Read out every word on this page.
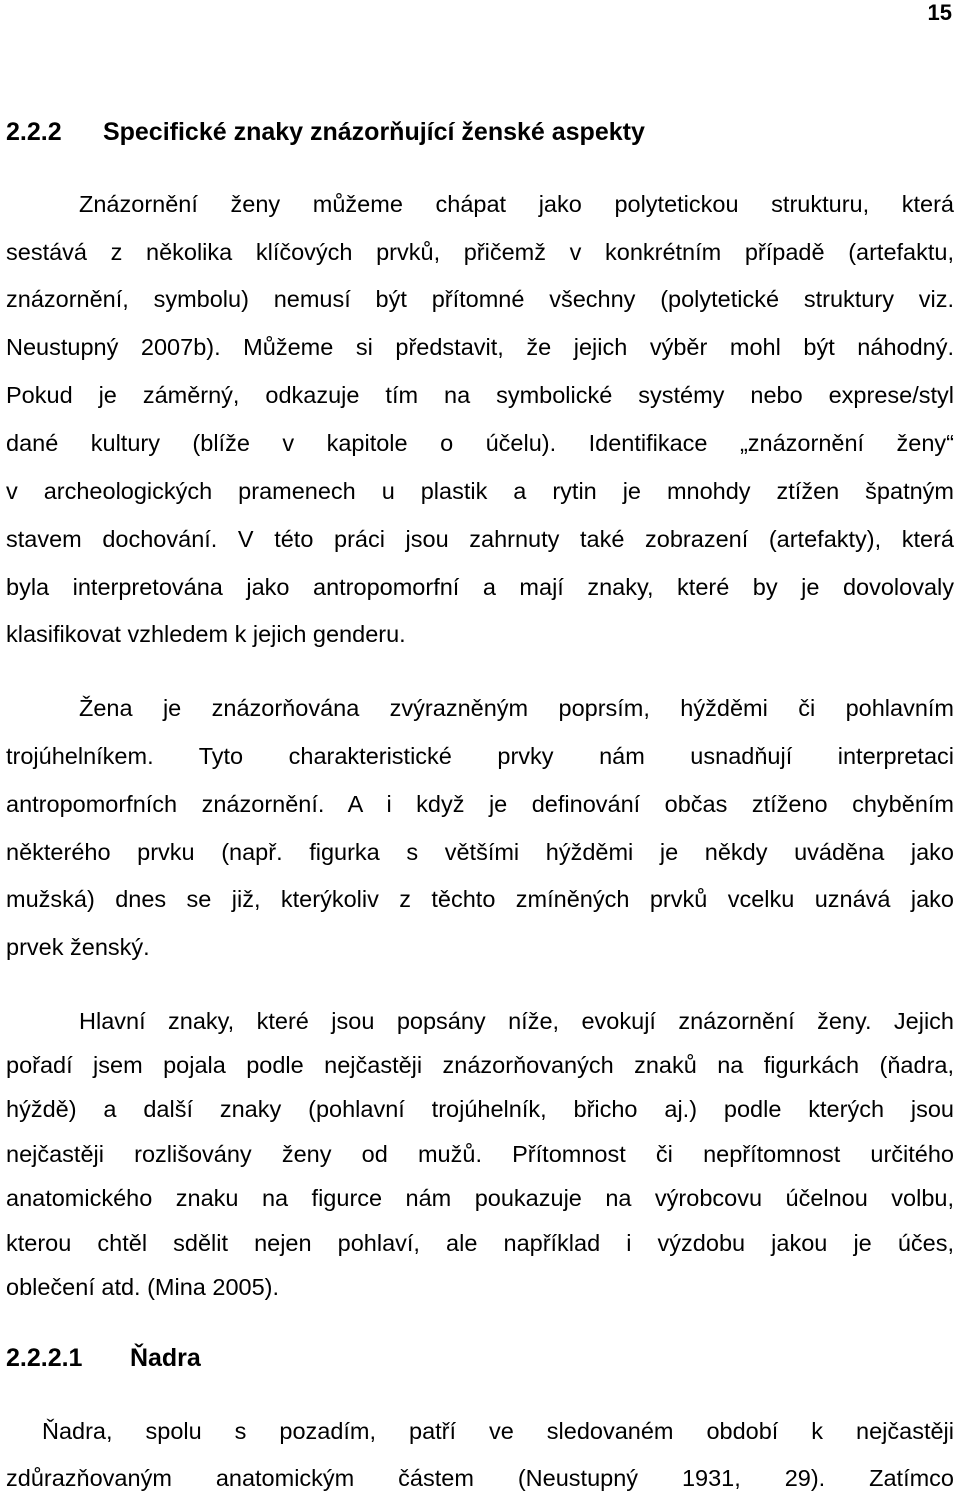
15
2.2.2 Specifické znaky znázorňující ženské aspekty
Znázornění ženy můžeme chápat jako polytetickou strukturu, která
sestává z několika klíčových prvků, přičemž v konkrétním případě (artefaktu,
znázornění, symbolu) nemusí být přítomné všechny (polytetické struktury viz.
Neustupný 2007b). Můžeme si představit, že jejich výběr mohl být náhodný.
Pokud je záměrný, odkazuje tím na symbolické systémy nebo exprese/styl
dané kultury (blíže v kapitole o účelu). Identifikace „znázornění ženy“
v archeologických pramenech u plastik a rytin je mnohdy ztížen špatným
stavem dochování. V této práci jsou zahrnuty také zobrazení (artefakty), která
byla interpretována jako antropomorfní a mají znaky, které by je dovolovaly
klasifikovat vzhledem k jejich genderu.
Žena je znázorňována zvýrazněným poprsím, hýžděmi či pohlavním
trojúhelníkem. Tyto charakteristické prvky nám usnadňují interpretaci
antropomorfních znázornění. A i když je definování občas ztíženo chyběním
některého prvku (např. figurka s většími hýžděmi je někdy uváděna jako
mužská) dnes se již, kterýkoliv z těchto zmíněných prvků vcelku uznává jako
prvek ženský.
Hlavní znaky, které jsou popsány níže, evokují znázornění ženy. Jejich
pořadí jsem pojala podle nejčastěji znázorňovaných znaků na figurkách (ňadra,
hýždě) a další znaky (pohlavní trojúhelník, břicho aj.) podle kterých jsou
nejčastěji rozlišovány ženy od mužů. Přítomnost či nepřítomnost určitého
anatomického znaku na figurce nám poukazuje na výrobcovu účelnou volbu,
kterou chtěl sdělit nejen pohlaví, ale například i výzdobu jakou je účes,
oblečení atd. (Mina 2005).
2.2.2.1 Ňadra
Ňadra, spolu s pozadím, patří ve sledovaném období k nejčastěji
zdůrazňovaným anatomickým částem (Neustupný 1931, 29). Zatímco
